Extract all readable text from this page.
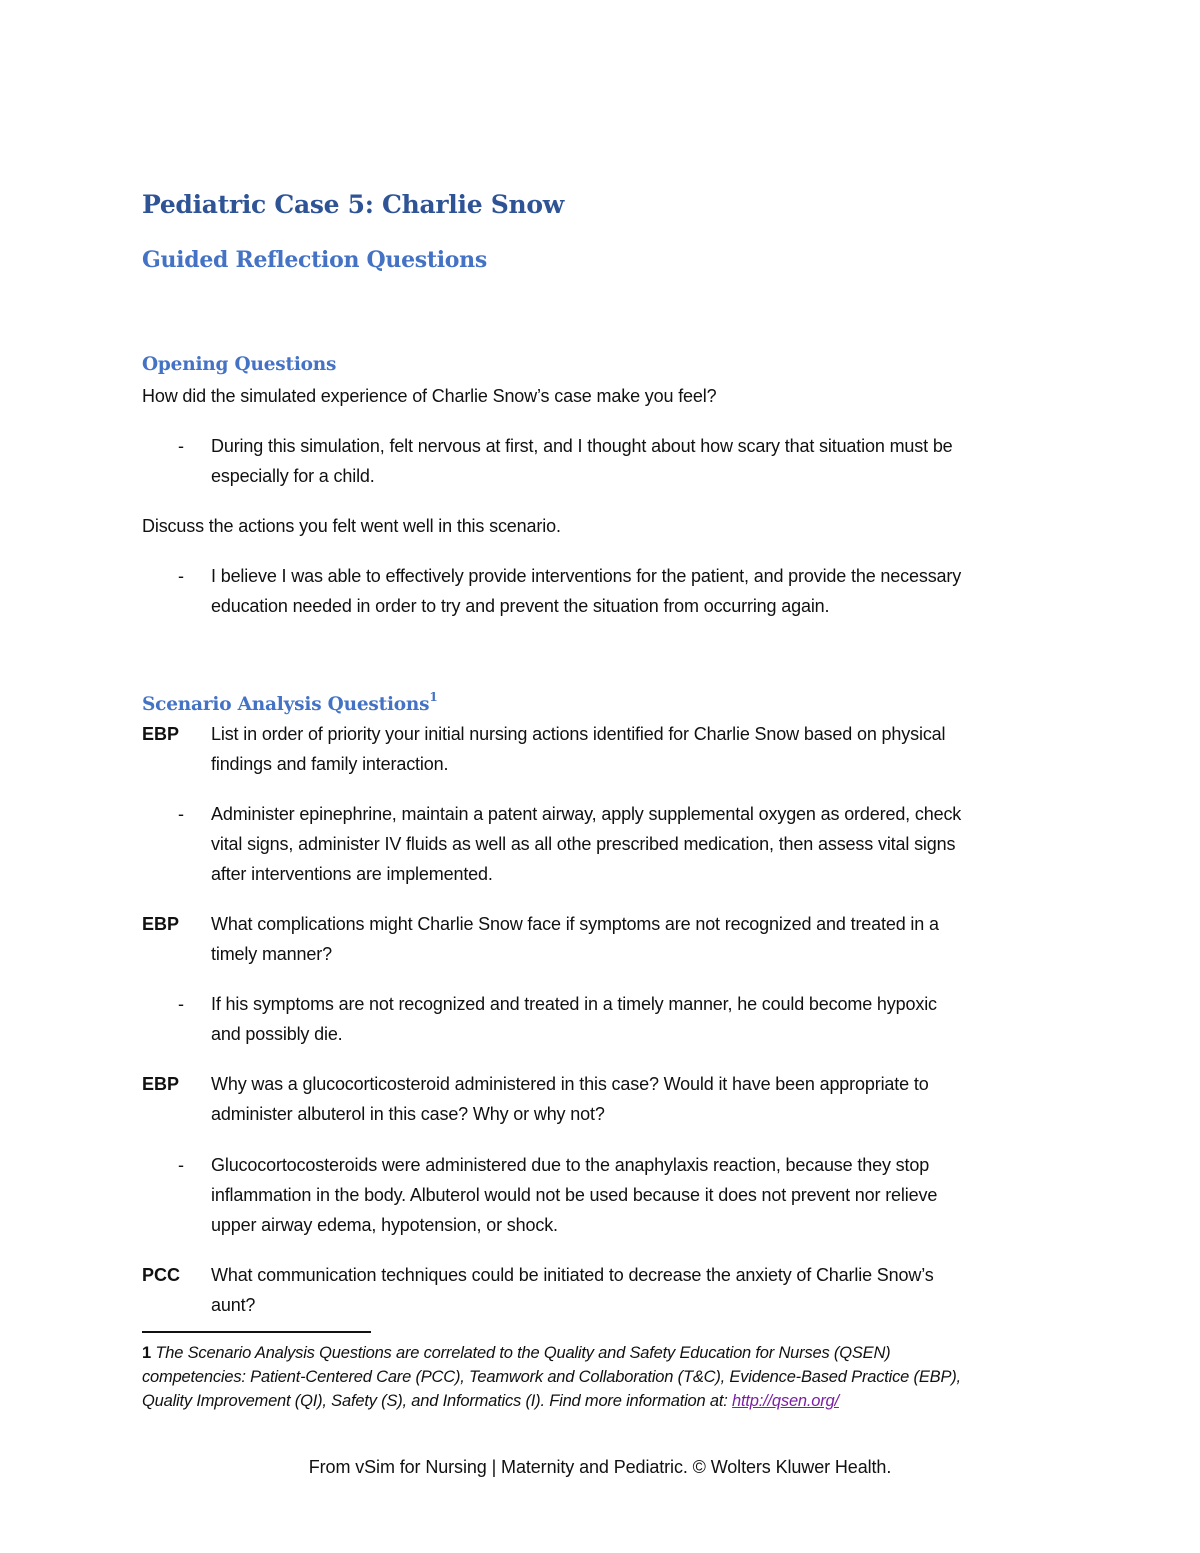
Pediatric Case 5: Charlie Snow
Guided Reflection Questions
Opening Questions
How did the simulated experience of Charlie Snow’s case make you feel?
- During this simulation, felt nervous at first, and I thought about how scary that situation must be
especially for a child.
Discuss the actions you felt went well in this scenario.
- I believe I was able to effectively provide interventions for the patient, and provide the necessary
education needed in order to try and prevent the situation from occurring again.
Scenario Analysis Questions$^1$
EBP List in order of priority your initial nursing actions identified for Charlie Snow based on physical
findings and family interaction.
- Administer epinephrine, maintain a patent airway, apply supplemental oxygen as ordered, check
vital signs, administer IV fluids as well as all othe prescribed medication, then assess vital signs
after interventions are implemented.
EBP What complications might Charlie Snow face if symptoms are not recognized and treated in a
timely manner?
- If his symptoms are not recognized and treated in a timely manner, he could become hypoxic
and possibly die.
EBP Why was a glucocorticosteroid administered in this case? Would it have been appropriate to
administer albuterol in this case? Why or why not?
- Glucocortocosteroids were administered due to the anaphylaxis reaction, because they stop
inflammation in the body. Albuterol would not be used because it does not prevent nor relieve
upper airway edema, hypotension, or shock.
PCC What communication techniques could be initiated to decrease the anxiety of Charlie Snow’s
aunt?
1 The Scenario Analysis Questions are correlated to the Quality and Safety Education for Nurses (QSEN)
competencies: Patient-Centered Care (PCC), Teamwork and Collaboration (T&C), Evidence-Based Practice (EBP),
Quality Improvement (QI), Safety (S), and Informatics (I). Find more information at: http://qsen.org/
From vSim for Nursing | Maternity and Pediatric. © Wolters Kluwer Health.
